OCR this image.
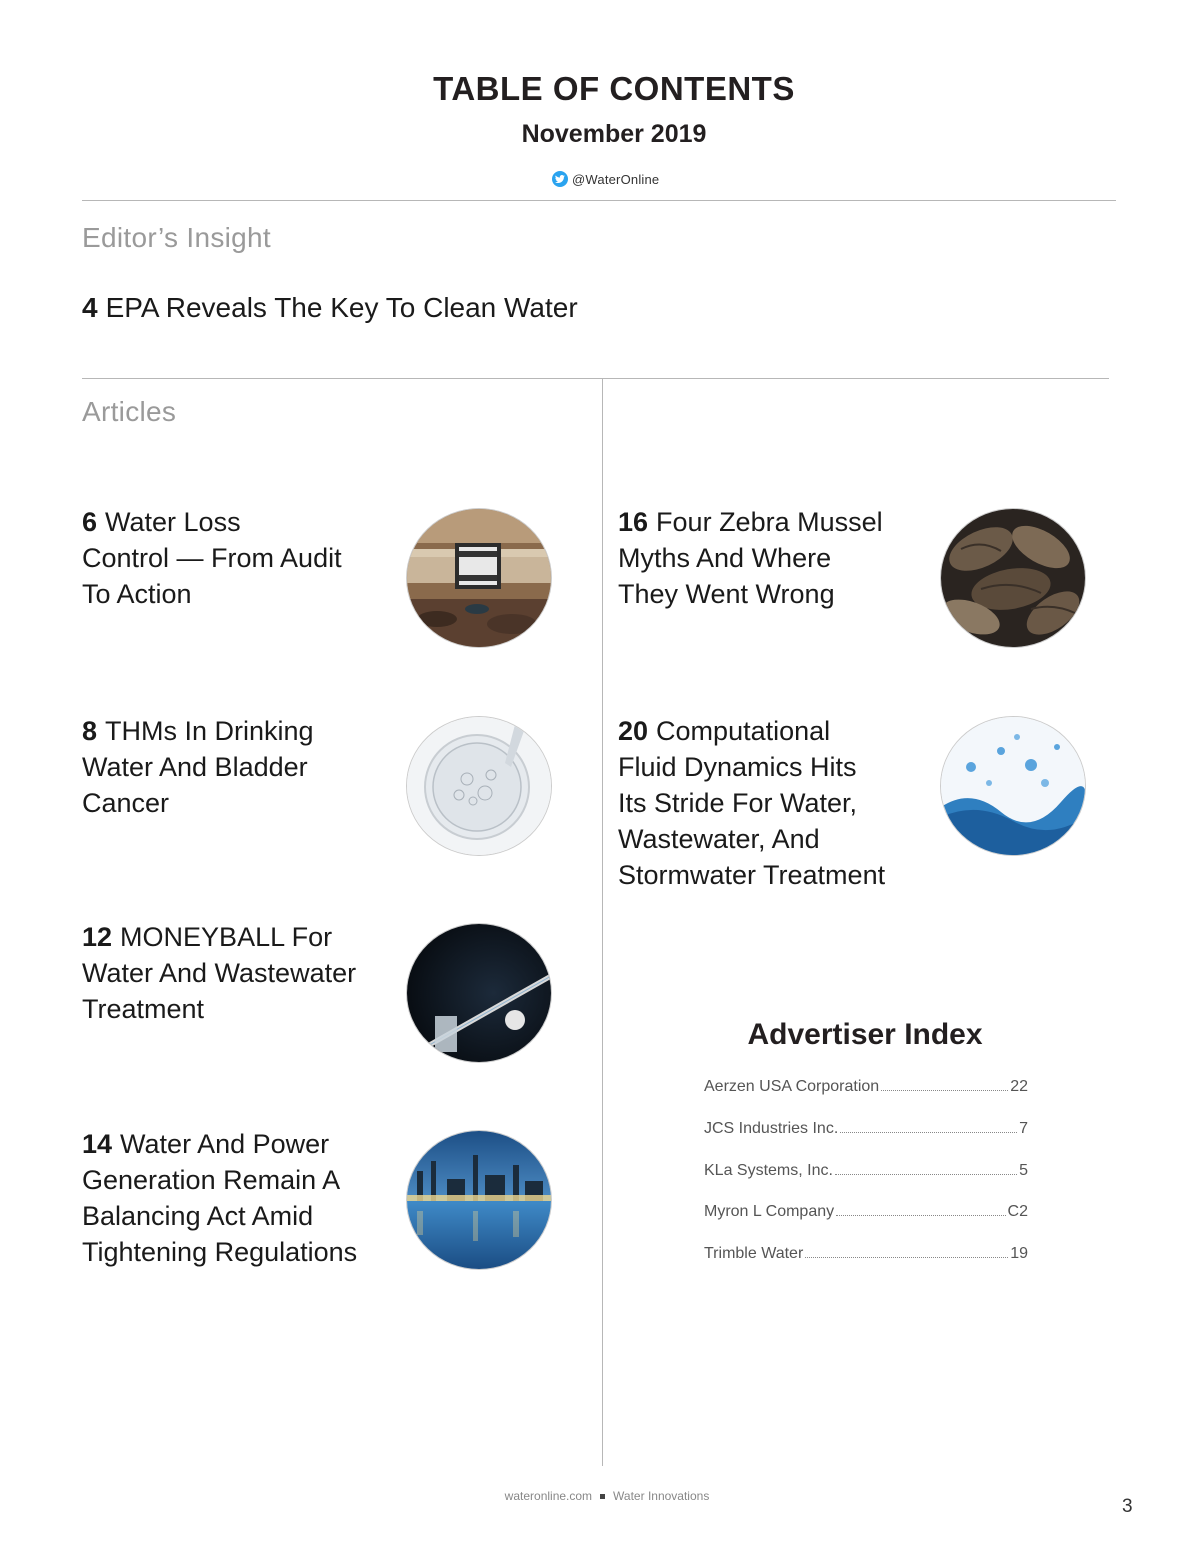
TABLE OF CONTENTS
November 2019
@WaterOnline
Editor’s Insight
4 EPA Reveals The Key To Clean Water
Articles
6 Water Loss
Control — From Audit
To Action
8 THMs In Drinking
Water And Bladder
Cancer
12 MONEYBALL For
Water And Wastewater
Treatment
14 Water And Power
Generation Remain A
Balancing Act Amid
Tightening Regulations
16 Four Zebra Mussel
Myths And Where
They Went Wrong
20 Computational
Fluid Dynamics Hits
Its Stride For Water,
Wastewater, And
Stormwater Treatment
Advertiser Index
Aerzen USA Corporation	22
JCS Industries Inc.	7
KLa Systems, Inc.	5
Myron L Company	C2
Trimble Water	19
wateronline.com Water Innovations	3
